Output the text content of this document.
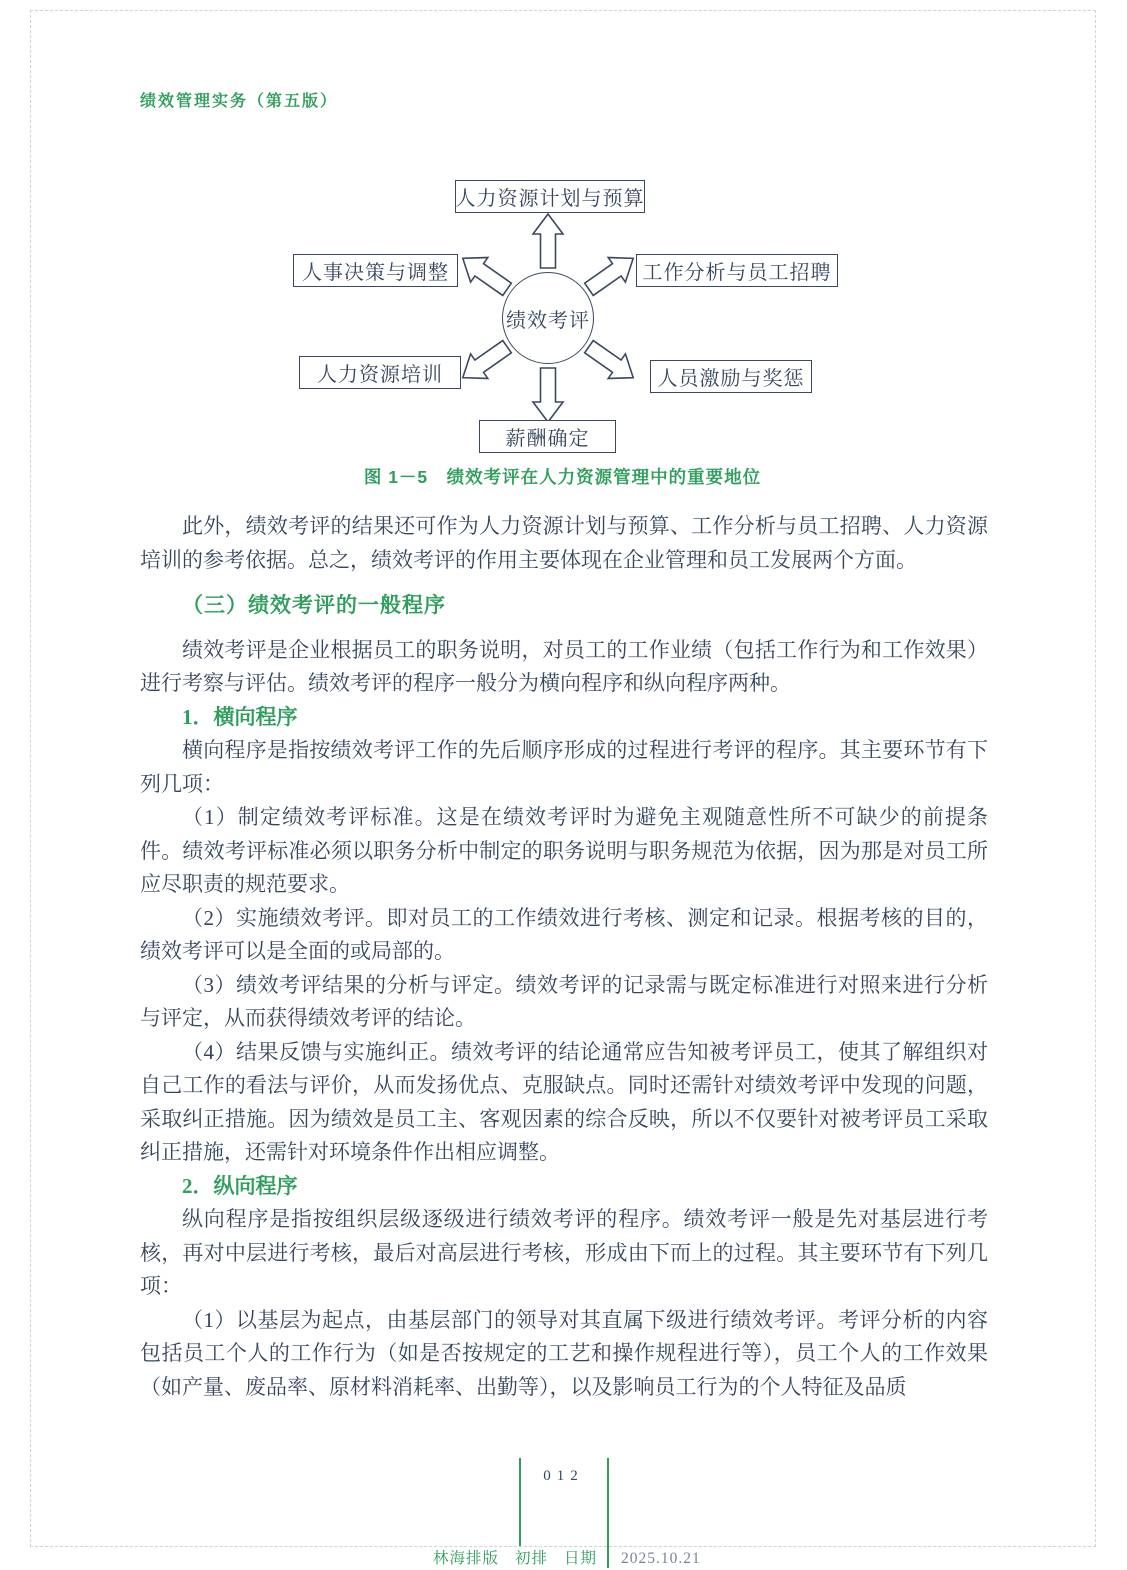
绩效管理实务（第五版）
人力资源计划与预算
人事决策与调整	工作分析与员工招聘
人力资源培训	人员激励与奖惩
薪酬确定
绩效考评
图 1－5　绩效考评在人力资源管理中的重要地位

此外，绩效考评的结果还可作为人力资源计划与预算、工作分析与员工招聘、人力资源培训的参考依据。总之，绩效考评的作用主要体现在企业管理和员工发展两个方面。

（三）绩效考评的一般程序

绩效考评是企业根据员工的职务说明，对员工的工作业绩（包括工作行为和工作效果）进行考察与评估。绩效考评的程序一般分为横向程序和纵向程序两种。

1．横向程序

横向程序是指按绩效考评工作的先后顺序形成的过程进行考评的程序。其主要环节有下列几项：

（1）制定绩效考评标准。这是在绩效考评时为避免主观随意性所不可缺少的前提条件。绩效考评标准必须以职务分析中制定的职务说明与职务规范为依据，因为那是对员工所应尽职责的规范要求。

（2）实施绩效考评。即对员工的工作绩效进行考核、测定和记录。根据考核的目的，绩效考评可以是全面的或局部的。

（3）绩效考评结果的分析与评定。绩效考评的记录需与既定标准进行对照来进行分析与评定，从而获得绩效考评的结论。

（4）结果反馈与实施纠正。绩效考评的结论通常应告知被考评员工，使其了解组织对自己工作的看法与评价，从而发扬优点、克服缺点。同时还需针对绩效考评中发现的问题，采取纠正措施。因为绩效是员工主、客观因素的综合反映，所以不仅要针对被考评员工采取纠正措施，还需针对环境条件作出相应调整。

2．纵向程序

纵向程序是指按组织层级逐级进行绩效考评的程序。绩效考评一般是先对基层进行考核，再对中层进行考核，最后对高层进行考核，形成由下而上的过程。其主要环节有下列几项：

（1）以基层为起点，由基层部门的领导对其直属下级进行绩效考评。考评分析的内容包括员工个人的工作行为（如是否按规定的工艺和操作规程进行等），员工个人的工作效果（如产量、废品率、原材料消耗率、出勤等），以及影响员工行为的个人特征及品质

012
林海排版 初排 日期 2025.10.21
